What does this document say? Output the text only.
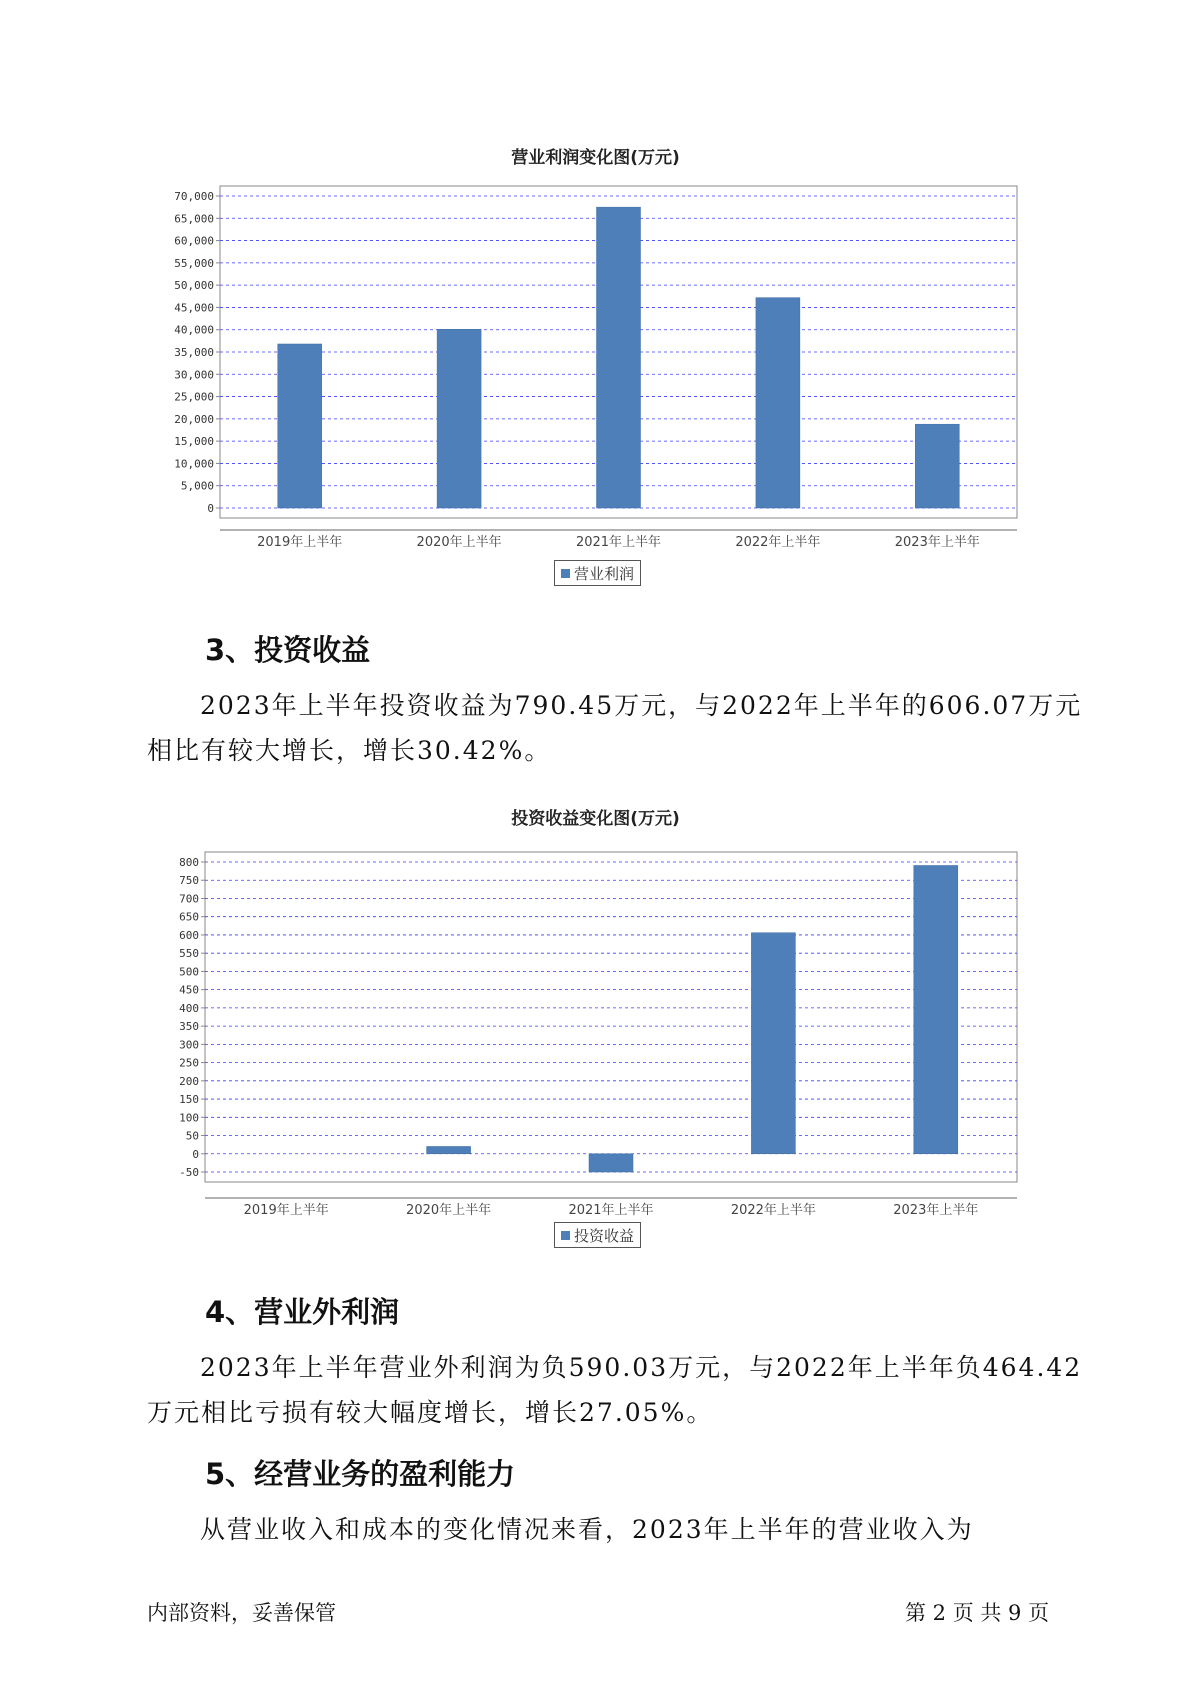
营业利润变化图(万元)
0
5,000
10,000
15,000
20,000
25,000
30,000
35,000
40,000
45,000
50,000
55,000
60,000
65,000
70,000
2019年上半年	2020年上半年	2021年上半年	2022年上半年	2023年上半年
营业利润
3、投资收益
2023年上半年投资收益为790.45万元，与2022年上半年的606.07万元
相比有较大增长，增长30.42%。
投资收益变化图(万元)
-50
0
50
100
150
200
250
300
350
400
450
500
550
600
650
700
750
800
2019年上半年	2020年上半年	2021年上半年	2022年上半年	2023年上半年
投资收益
4、营业外利润
2023年上半年营业外利润为负590.03万元，与2022年上半年负464.42
万元相比亏损有较大幅度增长，增长27.05%。
5、经营业务的盈利能力
从营业收入和成本的变化情况来看，2023年上半年的营业收入为
内部资料，妥善保管	第 2 页 共 9 页
